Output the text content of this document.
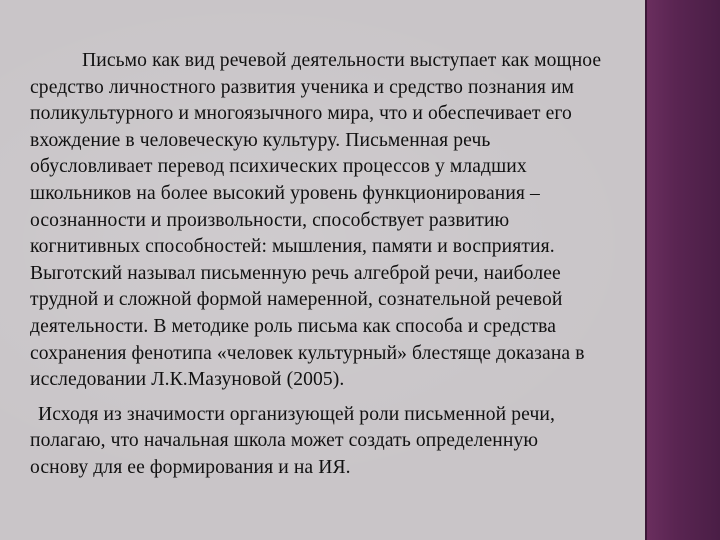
Письмо как вид речевой деятельности выступает как мощное
средство личностного развития ученика и средство познания им
поликультурного и многоязычного мира, что и обеспечивает его
вхождение в человеческую культуру. Письменная речь
обусловливает перевод психических процессов у младших
школьников на более высокий уровень функционирования –
осознанности и произвольности, способствует развитию
когнитивных способностей: мышления, памяти и восприятия.
Выготский называл письменную речь алгеброй речи, наиболее
трудной и сложной формой намеренной, сознательной речевой
деятельности. В методике роль письма как способа и средства
сохранения фенотипа «человек культурный» блестяще доказана в
исследовании Л.К.Мазуновой (2005).
Исходя из значимости организующей роли письменной речи,
полагаю, что начальная школа может создать определенную
основу для ее формирования и на ИЯ.
